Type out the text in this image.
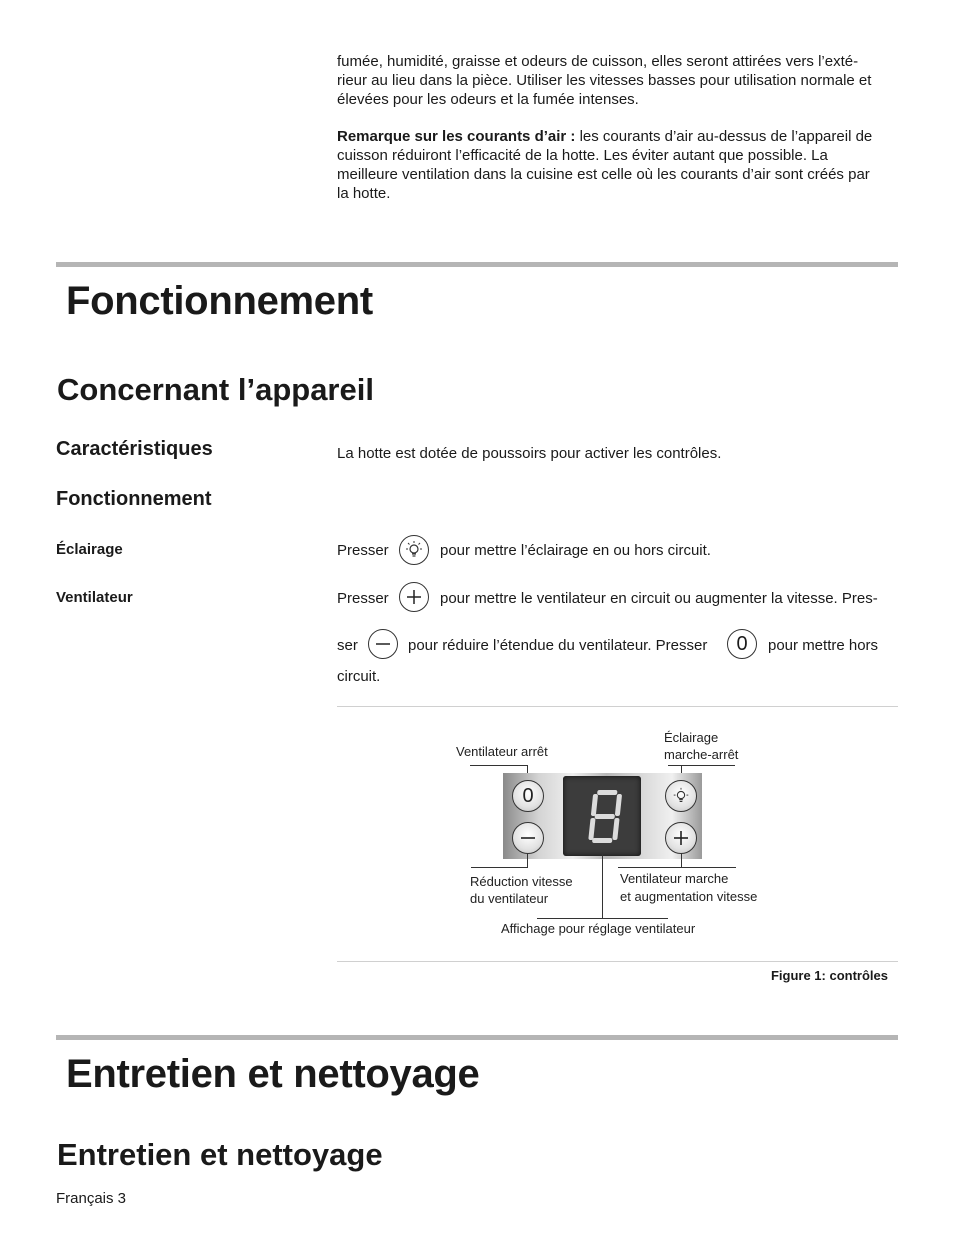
fumée, humidité, graisse et odeurs de cuisson, elles seront attirées vers l’exté-
rieur au lieu dans la pièce. Utiliser les vitesses basses pour utilisation normale et
élevées pour les odeurs et la fumée intenses.
Remarque sur les courants d’air : les courants d’air au-dessus de l’appareil de
cuisson réduiront l’efficacité de la hotte. Les éviter autant que possible. La
meilleure ventilation dans la cuisine est celle où les courants d’air sont créés par
la hotte.
Fonctionnement
Concernant l’appareil
Caractéristiques	La hotte est dotée de poussoirs pour activer les contrôles.
Fonctionnement
Éclairage	Presser	pour mettre l’éclairage en ou hors circuit.
Ventilateur	Presser	pour mettre le ventilateur en circuit ou augmenter la vitesse. Pres-
ser	pour réduire l’étendue du ventilateur. Presser 0 pour mettre hors
circuit.
Ventilateur arrêt
Éclairage
marche-arrêt
0
Réduction vitesse
du ventilateur
Ventilateur marche
et augmentation vitesse
Affichage pour réglage ventilateur
Figure 1: contrôles
Entretien et nettoyage
Entretien et nettoyage
Français 3
